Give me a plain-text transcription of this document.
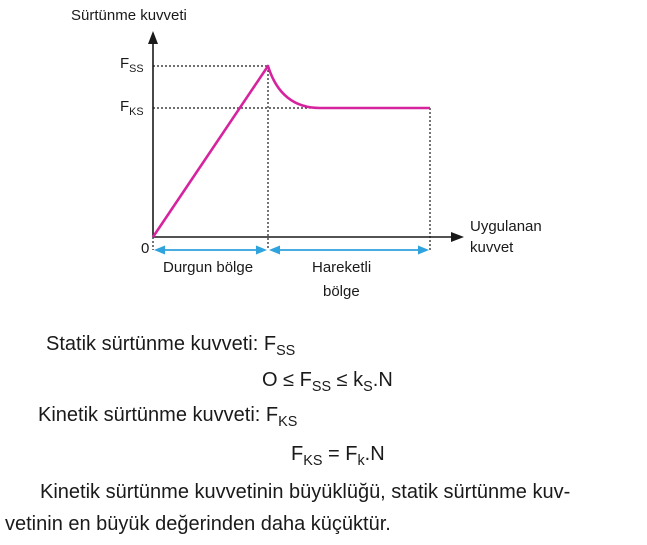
Sürtünme kuvveti
$F_{SS}$
$F_{KS}$
0
Uygulanan
kuvvet
Durgun bölge	Hareketli
bölge
Statik sürtünme kuvveti: $F_{SS}$
$O \le F_{SS} \le k_S.N$
Kinetik sürtünme kuvveti: $F_{KS}$
$F_{KS} = F_k.N$
Kinetik sürtünme kuvvetinin büyüklüğü, statik sürtünme kuv-
vetinin en büyük değerinden daha küçüktür.
